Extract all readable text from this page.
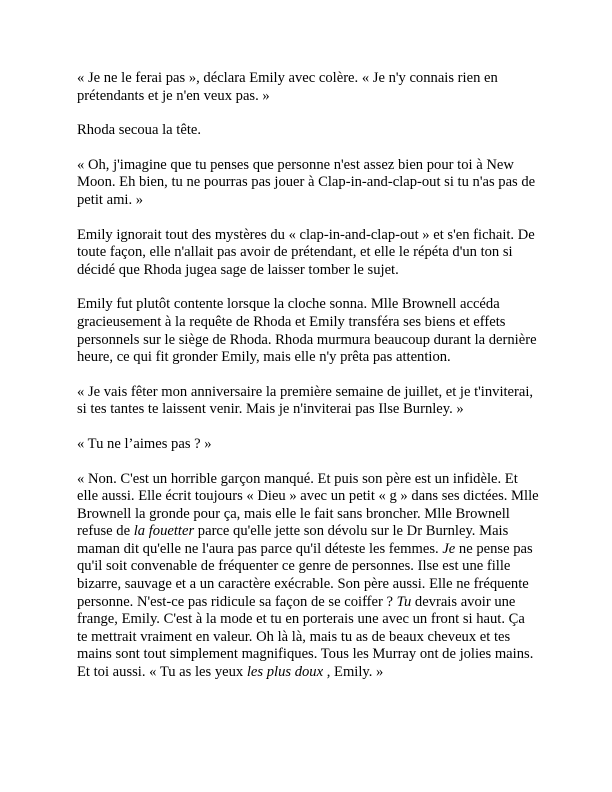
« Je ne le ferai pas », déclara Emily avec colère. « Je n'y connais rien en prétendants et je n'en veux pas. »

Rhoda secoua la tête.

« Oh, j'imagine que tu penses que personne n'est assez bien pour toi à New Moon. Eh bien, tu ne pourras pas jouer à Clap-in-and-clap-out si tu n'as pas de petit ami. »

Emily ignorait tout des mystères du « clap-in-and-clap-out » et s'en fichait. De toute façon, elle n'allait pas avoir de prétendant, et elle le répéta d'un ton si décidé que Rhoda jugea sage de laisser tomber le sujet.

Emily fut plutôt contente lorsque la cloche sonna. Mlle Brownell accéda gracieusement à la requête de Rhoda et Emily transféra ses biens et effets personnels sur le siège de Rhoda. Rhoda murmura beaucoup durant la dernière heure, ce qui fit gronder Emily, mais elle n'y prêta pas attention.

« Je vais fêter mon anniversaire la première semaine de juillet, et je t'inviterai, si tes tantes te laissent venir. Mais je n'inviterai pas Ilse Burnley. »

« Tu ne l’aimes pas ? »

« Non. C'est un horrible garçon manqué. Et puis son père est un infidèle. Et elle aussi. Elle écrit toujours « Dieu » avec un petit « g » dans ses dictées. Mlle Brownell la gronde pour ça, mais elle le fait sans broncher. Mlle Brownell refuse de la fouetter parce qu'elle jette son dévolu sur le Dr Burnley. Mais maman dit qu'elle ne l'aura pas parce qu'il déteste les femmes. Je ne pense pas qu'il soit convenable de fréquenter ce genre de personnes. Ilse est une fille bizarre, sauvage et a un caractère exécrable. Son père aussi. Elle ne fréquente personne. N'est-ce pas ridicule sa façon de se coiffer ? Tu devrais avoir une frange, Emily. C'est à la mode et tu en porterais une avec un front si haut. Ça te mettrait vraiment en valeur. Oh là là, mais tu as de beaux cheveux et tes mains sont tout simplement magnifiques. Tous les Murray ont de jolies mains. Et toi aussi. « Tu as les yeux les plus doux , Emily. »
